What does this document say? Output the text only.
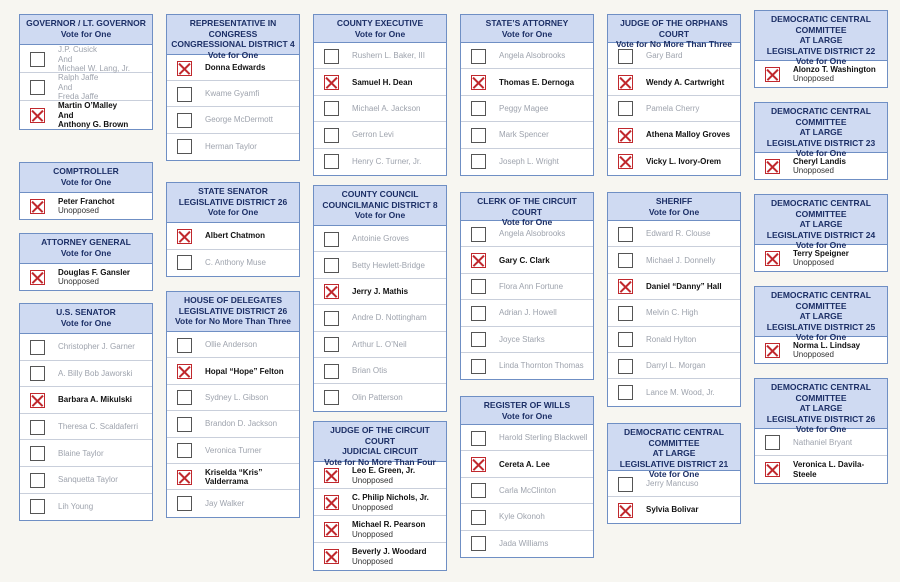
GOVERNOR / LT. GOVERNOR
Vote for One
J.P. Cusick
And
Michael W. Lang, Jr.
Ralph Jaffe
And
Freda Jaffe
Martin O’Malley
And
Anthony G. Brown
COMPTROLLER
Vote for One
Peter Franchot
Unopposed
ATTORNEY GENERAL
Vote for One
Douglas F. Gansler
Unopposed
U.S. SENATOR
Vote for One
Christopher J. Garner
A. Billy Bob Jaworski
Barbara A. Mikulski
Theresa C. Scaldaferri
Blaine Taylor
Sanquetta Taylor
Lih Young
REPRESENTATIVE IN CONGRESS
CONGRESSIONAL DISTRICT 4
Vote for One
Donna Edwards
Kwame Gyamfi
George McDermott
Herman Taylor
STATE SENATOR
LEGISLATIVE DISTRICT 26
Vote for One
Albert Chatmon
C. Anthony Muse
HOUSE OF DELEGATES
LEGISLATIVE DISTRICT 26
Vote for No More Than Three
Ollie Anderson
Hopal “Hope” Felton
Sydney L. Gibson
Brandon D. Jackson
Veronica Turner
Kriselda “Kris” Valderrama
Jay Walker
COUNTY EXECUTIVE
Vote for One
Rushern L. Baker, III
Samuel H. Dean
Michael A. Jackson
Gerron Levi
Henry C. Turner, Jr.
COUNTY COUNCIL
COUNCILMANIC DISTRICT 8
Vote for One
Antoinie Groves
Betty Hewlett-Bridge
Jerry J. Mathis
Andre D. Nottingham
Arthur L. O’Neil
Brian Otis
Olin Patterson
JUDGE OF THE CIRCUIT COURT
JUDICIAL CIRCUIT
Vote for No More Than Four
Leo E. Green, Jr.
Unopposed
C. Philip Nichols, Jr.
Unopposed
Michael R. Pearson
Unopposed
Beverly J. Woodard
Unopposed
STATE’S ATTORNEY
Vote for One
Angela Alsobrooks
Thomas E. Dernoga
Peggy Magee
Mark Spencer
Joseph L. Wright
CLERK OF THE CIRCUIT COURT
Vote for One
Angela Alsobrooks
Gary C. Clark
Flora Ann Fortune
Adrian J. Howell
Joyce Starks
Linda Thornton Thomas
REGISTER OF WILLS
Vote for One
Harold Sterling Blackwell
Cereta A. Lee
Carla McClinton
Kyle Okonoh
Jada Williams
JUDGE OF THE ORPHANS COURT
Vote for No More Than Three
Gary Bard
Wendy A. Cartwright
Pamela Cherry
Athena Malloy Groves
Vicky L. Ivory-Orem
SHERIFF
Vote for One
Edward R. Clouse
Michael J. Donnelly
Daniel “Danny” Hall
Melvin C. High
Ronald Hylton
Darryl L. Morgan
Lance M. Wood, Jr.
DEMOCRATIC CENTRAL COMMITTEE
AT LARGE
LEGISLATIVE DISTRICT 21
Vote for One
Jerry Mancuso
Sylvia Bolivar
DEMOCRATIC CENTRAL COMMITTEE
AT LARGE
LEGISLATIVE DISTRICT 22
Vote for One
Alonzo T. Washington
Unopposed
DEMOCRATIC CENTRAL COMMITTEE
AT LARGE
LEGISLATIVE DISTRICT 23
Vote for One
Cheryl Landis
Unopposed
DEMOCRATIC CENTRAL COMMITTEE
AT LARGE
LEGISLATIVE DISTRICT 24
Vote for One
Terry Speigner
Unopposed
DEMOCRATIC CENTRAL COMMITTEE
AT LARGE
LEGISLATIVE DISTRICT 25
Vote for One
Norma L. Lindsay
Unopposed
DEMOCRATIC CENTRAL COMMITTEE
AT LARGE
LEGISLATIVE DISTRICT 26
Vote for One
Nathaniel Bryant
Veronica L. Davila-Steele
